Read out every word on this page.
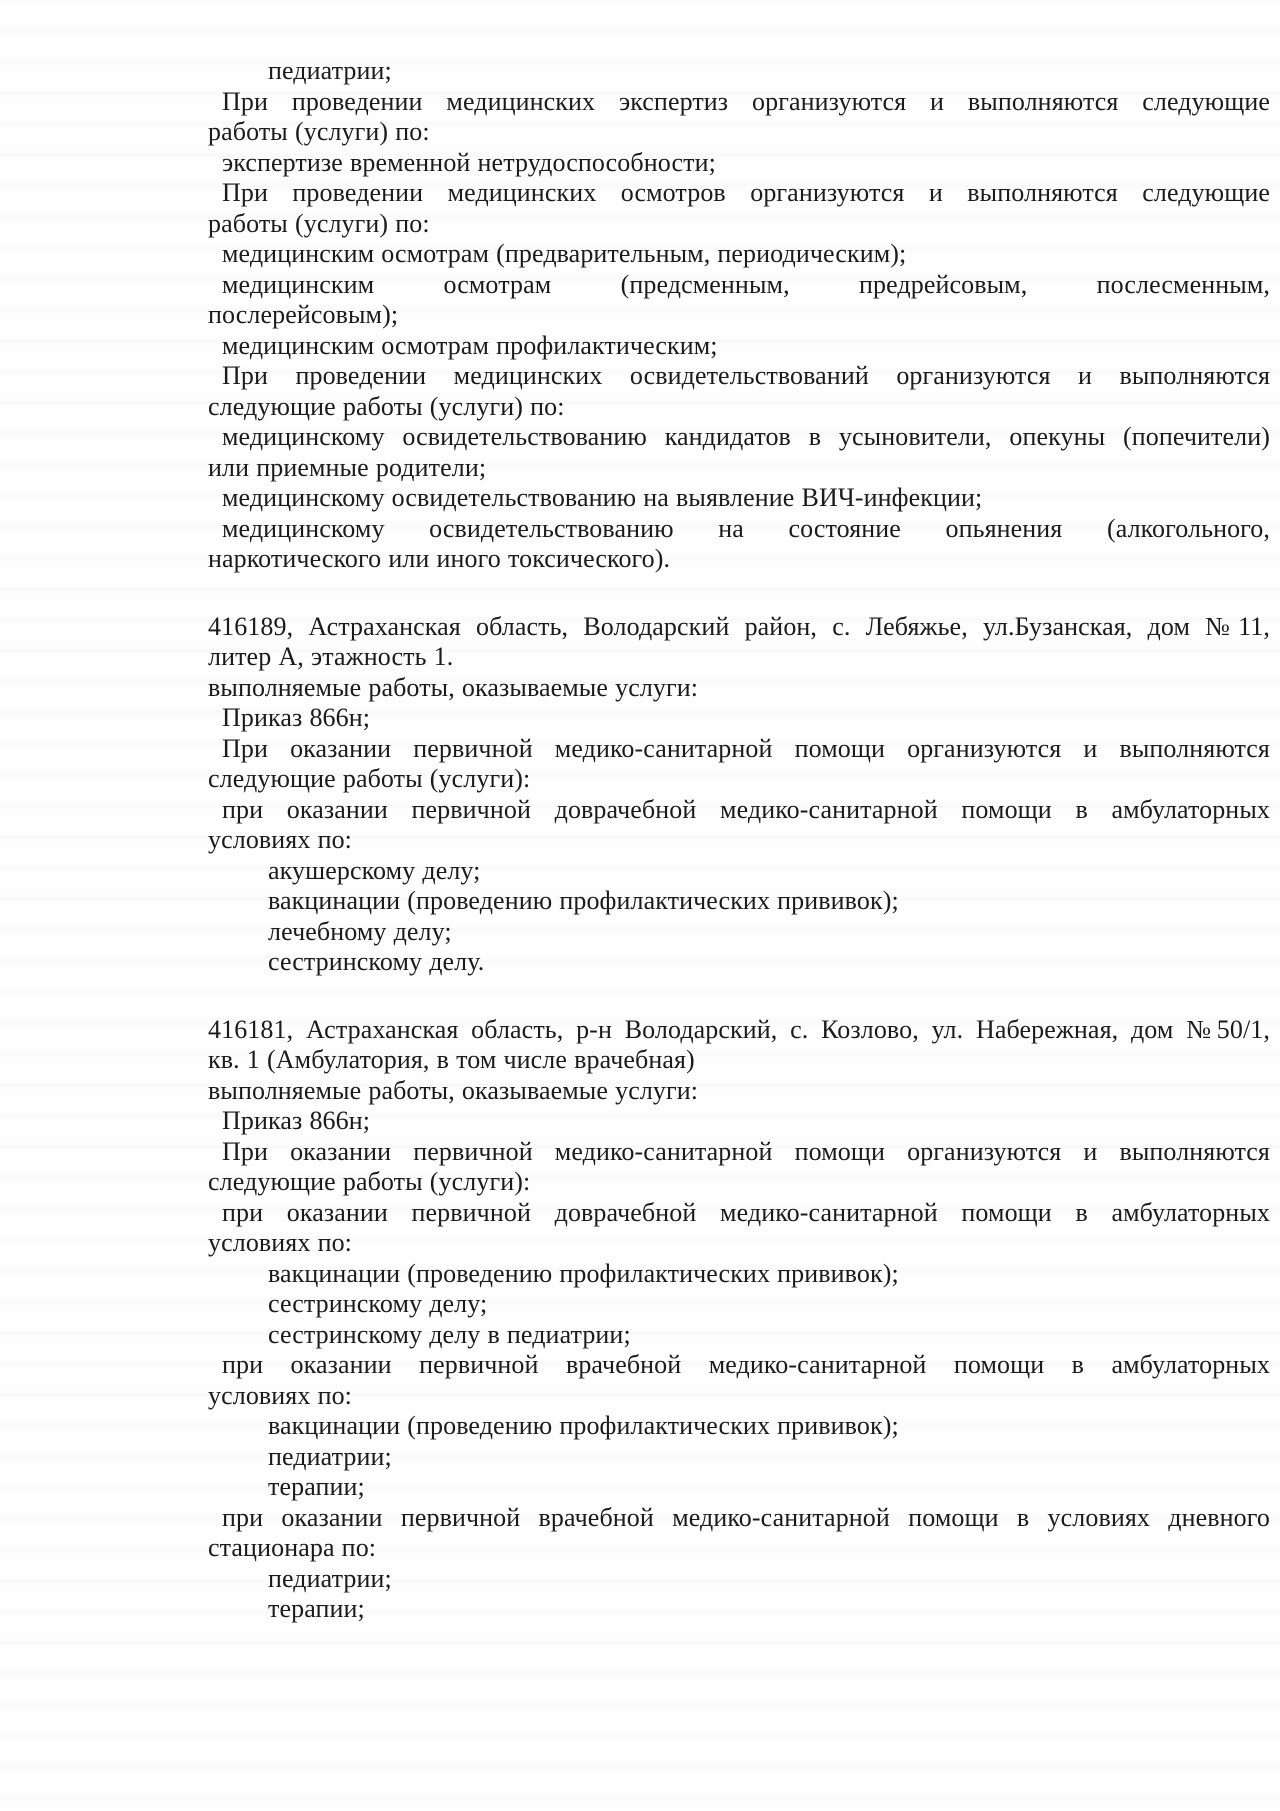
педиатрии;
При проведении медицинских экспертиз организуются и выполняются следующие
работы (услуги) по:
экспертизе временной нетрудоспособности;
При проведении медицинских осмотров организуются и выполняются следующие
работы (услуги) по:
медицинским осмотрам (предварительным, периодическим);
медицинским осмотрам (предсменным, предрейсовым, послесменным,
послерейсовым);
медицинским осмотрам профилактическим;
При проведении медицинских освидетельствований организуются и выполняются
следующие работы (услуги) по:
медицинскому освидетельствованию кандидатов в усыновители, опекуны (попечители)
или приемные родители;
медицинскому освидетельствованию на выявление ВИЧ-инфекции;
медицинскому освидетельствованию на состояние опьянения (алкогольного,
наркотического или иного токсического).
416189, Астраханская область, Володарский район, с. Лебяжье, ул.Бузанская, дом №11,
литер А, этажность 1.
выполняемые работы, оказываемые услуги:
Приказ 866н;
При оказании первичной медико-санитарной помощи организуются и выполняются
следующие работы (услуги):
при оказании первичной доврачебной медико-санитарной помощи в амбулаторных
условиях по:
акушерскому делу;
вакцинации (проведению профилактических прививок);
лечебному делу;
сестринскому делу.
416181, Астраханская область, р-н Володарский, с. Козлово, ул. Набережная, дом №50/1,
кв. 1 (Амбулатория, в том числе врачебная)
выполняемые работы, оказываемые услуги:
Приказ 866н;
При оказании первичной медико-санитарной помощи организуются и выполняются
следующие работы (услуги):
при оказании первичной доврачебной медико-санитарной помощи в амбулаторных
условиях по:
вакцинации (проведению профилактических прививок);
сестринскому делу;
сестринскому делу в педиатрии;
при оказании первичной врачебной медико-санитарной помощи в амбулаторных
условиях по:
вакцинации (проведению профилактических прививок);
педиатрии;
терапии;
при оказании первичной врачебной медико-санитарной помощи в условиях дневного
стационара по:
педиатрии;
терапии;
